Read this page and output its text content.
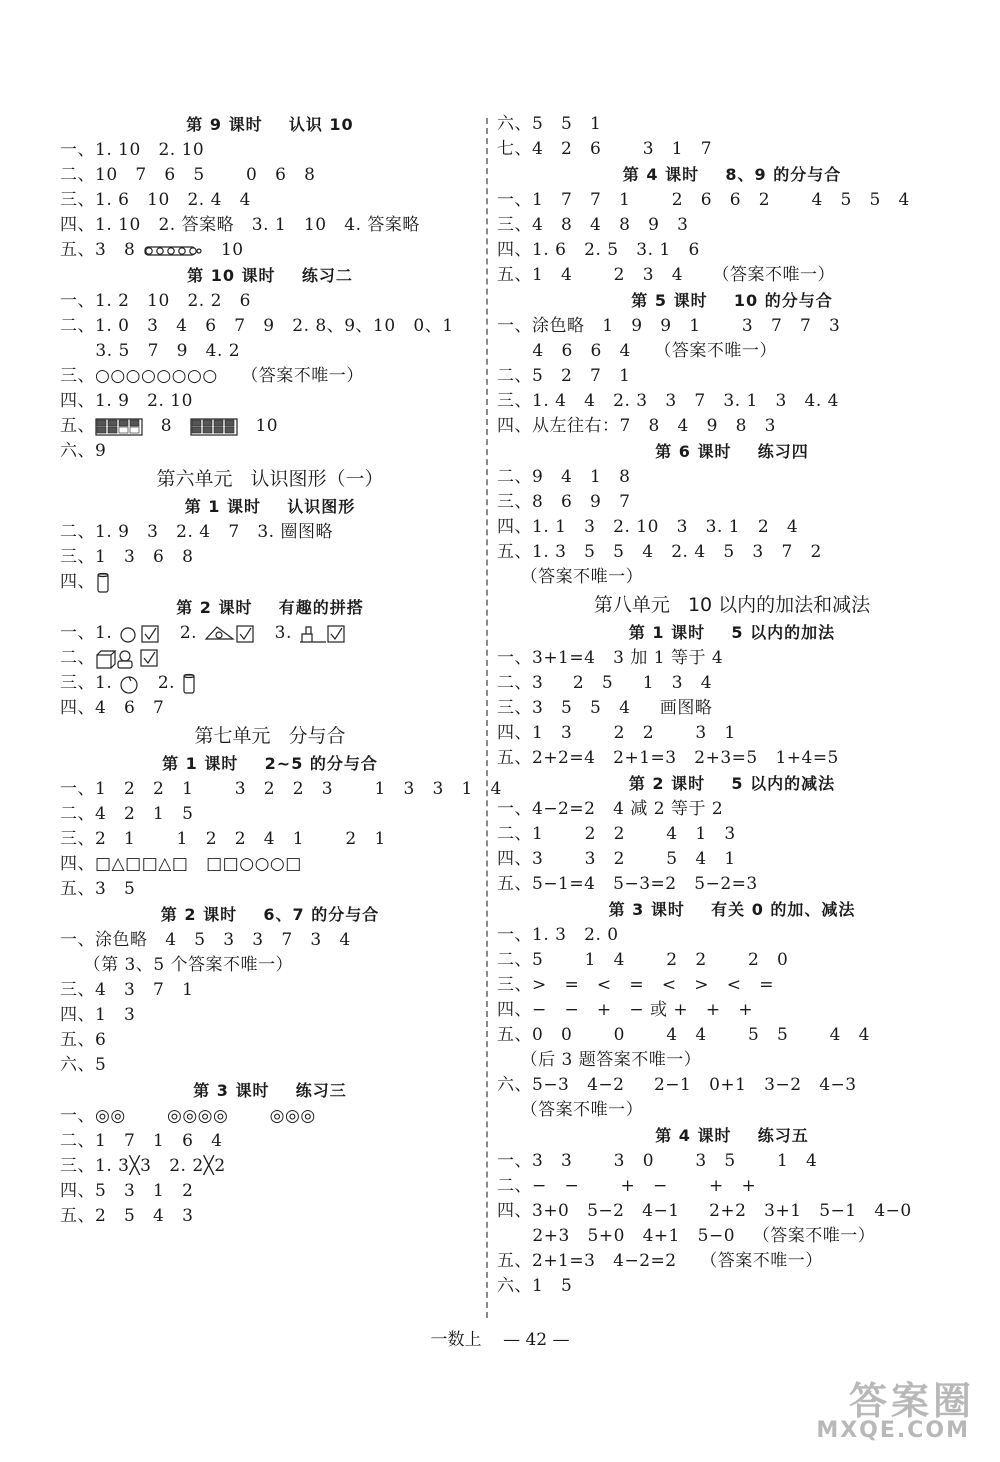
第 9 课时    认识 10
一、1. 10   2. 10
二、10   7   6   5       0   6   8
三、1. 6   10   2. 4   4
四、1. 10   2. 答案略   3. 1   10   4. 答案略
五、3   8	10
第 10 课时    练习二
一、1. 2   10   2. 2   6
二、1. 0   3   4   6   7   9   2. 8、9、10   0、1
3. 5   7   9   4. 2
三、○○○○○○○○    （答案不唯一）
四、1. 9   2. 10
五、	8	10
六、9
第六单元   认识图形（一）
第 1 课时    认识图形
二、1. 9   3   2. 4   7   3. 圈图略
三、1   3   6   8
四、
第 2 课时    有趣的拼搭
一、1.	2.	3.
二、
三、1.    2.
四、4   6   7
第七单元   分与合
第 1 课时    2~5 的分与合
一、1   2   2   1       3   2   2   3       1   3   3   1   4
二、4   2   1   5
三、2   1       1   2   2   4   1       2   1
四、□△□□△□   □□○○○□
五、3   5
第 2 课时    6、7 的分与合
一、涂色略   4   5   3   3   7   3   4
（第 3、5 个答案不唯一）
三、4   3   7   1
四、1   3
五、6
六、5
第 3 课时    练习三
一、◎◎       ◎◎◎◎       ◎◎◎
二、1   7   1   6   4
三、1. 3╳3   2. 2╳2
四、5   3   1   2
五、2   5   4   3
六、5   5   1
七、4   2   6       3   1   7
第 4 课时    8、9 的分与合
一、1   7   7   1       2   6   6   2       4   5   5   4
三、4   8   4   8   9   3
四、1. 6   2. 5   3. 1   6
五、1   4       2   3   4     （答案不唯一）
第 5 课时    10 的分与合
一、涂色略   1   9   9   1       3   7   7   3
4   6   6   4    （答案不唯一）
二、5   2   7   1
三、1. 4   4   2. 3   3   7   3. 1   3   4. 4
四、从左往右：7   8   4   9   8   3
第 6 课时    练习四
二、9   4   1   8
三、8   6   9   7
四、1. 1   3   2. 10   3   3. 1   2   4
五、1. 3   5   5   4   2. 4   5   3   7   2
（答案不唯一）
第八单元   10 以内的加法和减法
第 1 课时    5 以内的加法
一、3+1=4   3 加 1 等于 4
二、3     2   5     1   3   4
三、3   5   5   4     画图略
四、1   3       2   2       3   1
五、2+2=4   2+1=3   2+3=5   1+4=5
第 2 课时    5 以内的减法
一、4−2=2   4 减 2 等于 2
二、1       2   2       4   1   3
四、3       3   2       5   4   1
五、5−1=4   5−3=2   5−2=3
第 3 课时    有关 0 的加、减法
一、1. 3   2. 0
二、5       1   4       2   2       2   0
三、>   =   <   =   <   >   <   =
四、−   −   +   − 或 +   +   +
五、0   0       0       4   4       5   5       4   4
（后 3 题答案不唯一）
六、5−3   4−2     2−1   0+1   3−2   4−3
（答案不唯一）
第 4 课时    练习五
一、3   3       3   0       3   5       1   4
二、−   −       +   −       +   +
四、3+0   5−2   4−1     2+2   3+1   5−1   4−0
2+3   5+0   4+1   5−0   （答案不唯一）
五、2+1=3   4−2=2    （答案不唯一）
六、1   5
一数上    — 42 —
答案圈
MXQE.COM
